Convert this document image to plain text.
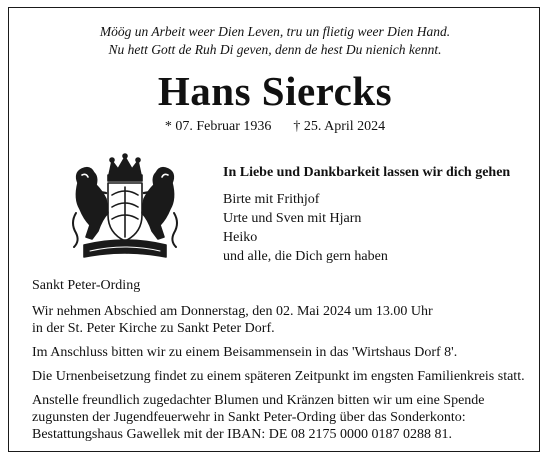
Möög un Arbeit weer Dien Leven, tru un flietig weer Dien Hand.
Nu hett Gott de Ruh Di geven, denn de hest Du nienich kennt.
Hans Siercks
* 07. Februar 1936 † 25. April 2024
In Liebe und Dankbarkeit lassen wir dich gehen
Birte mit Frithjof
Urte und Sven mit Hjarn
Heiko
und alle, die Dich gern haben
Sankt Peter-Ording
Wir nehmen Abschied am Donnerstag, den 02. Mai 2024 um 13.00 Uhr
in der St. Peter Kirche zu Sankt Peter Dorf.
Im Anschluss bitten wir zu einem Beisammensein in das 'Wirtshaus Dorf 8'.
Die Urnenbeisetzung findet zu einem späteren Zeitpunkt im engsten Familienkreis statt.
Anstelle freundlich zugedachter Blumen und Kränzen bitten wir um eine Spende
zugunsten der Jugendfeuerwehr in Sankt Peter-Ording über das Sonderkonto:
Bestattungshaus Gawellek mit der IBAN: DE 08 2175 0000 0187 0288 81.
